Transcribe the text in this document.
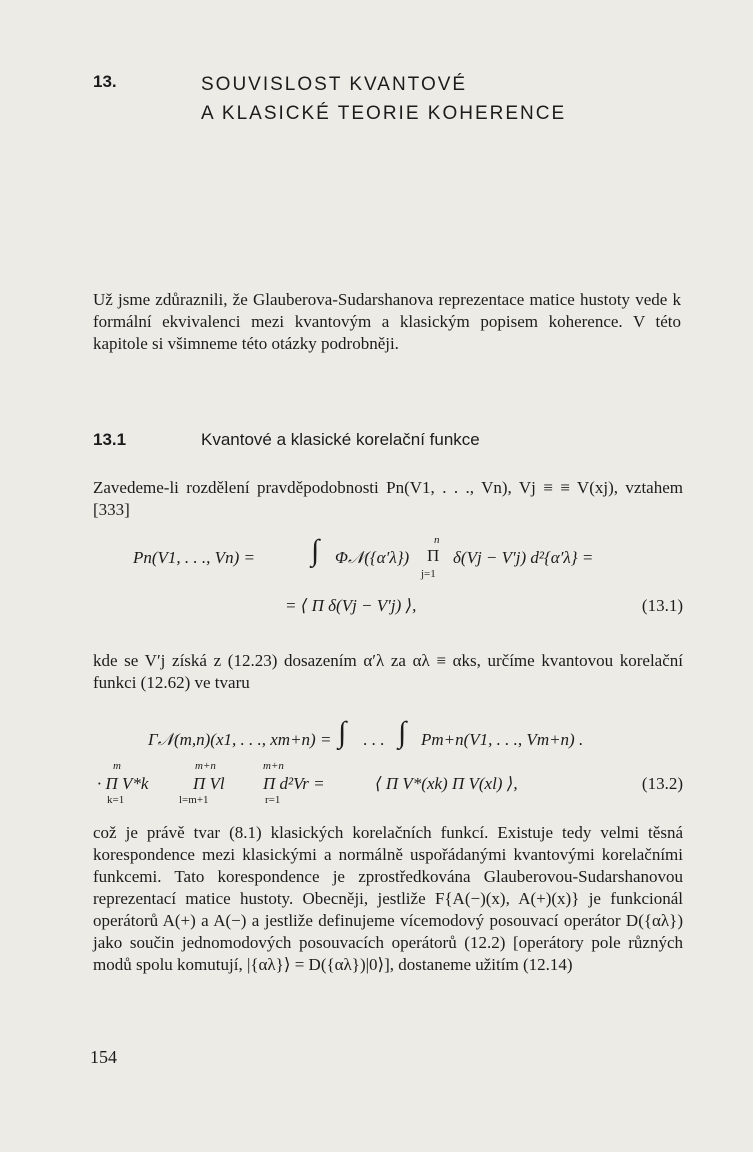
13.	SOUVISLOST KVANTOVÉ
A KLASICKÉ TEORIE KOHERENCE
Už jsme zdůraznili, že Glauberova-Sudarshanova reprezentace matice hustoty vede k formální ekvivalenci mezi kvantovým a klasickým popisem koherence. V této kapitole si všimneme této otázky podrobněji.
13.1	Kvantové a klasické korelační funkce
Zavedeme-li rozdělení pravděpodobnosti Pn(V1, . . ., Vn), Vj ≡ ≡ V(xj), vztahem [333]
Pn(V1, . . ., Vn) = ∫ Φ𝒩({α′λ})
n
Π
j=1
δ(Vj − V′j) d²{α′λ} =
= ⟨ Π δ(Vj − V′j) ⟩,	(13.1)
kde se V′j získá z (12.23) dosazením α′λ za αλ ≡ αks, určíme kvantovou korelační funkci (12.62) ve tvaru
Γ𝒩(m,n)(x1, . . ., xm+n) = ∫ . . . ∫ Pm+n(V1, . . ., Vm+n) .
m	m+n	m+n
· Π V*k	Π Vl Π d²Vr =
k=1	l=m+1	r=1
⟨ Π V*(xk) Π V(xl) ⟩,	(13.2)
což je právě tvar (8.1) klasických korelačních funkcí. Existuje tedy velmi těsná korespondence mezi klasickými a normálně uspořádanými kvantovými korelačními funkcemi. Tato korespondence je zprostředkována Glauberovou-Sudarshanovou reprezentací matice hustoty. Obecněji, jestliže F{A(−)(x), A(+)(x)} je funkcionál operátorů A(+) a A(−) a jestliže definujeme vícemodový posouvací operátor D({αλ}) jako součin jednomodových posouvacích operátorů (12.2) [operátory pole různých modů spolu komutují, |{αλ}⟩ = D({αλ})|0⟩], dostaneme užitím (12.14)
154
